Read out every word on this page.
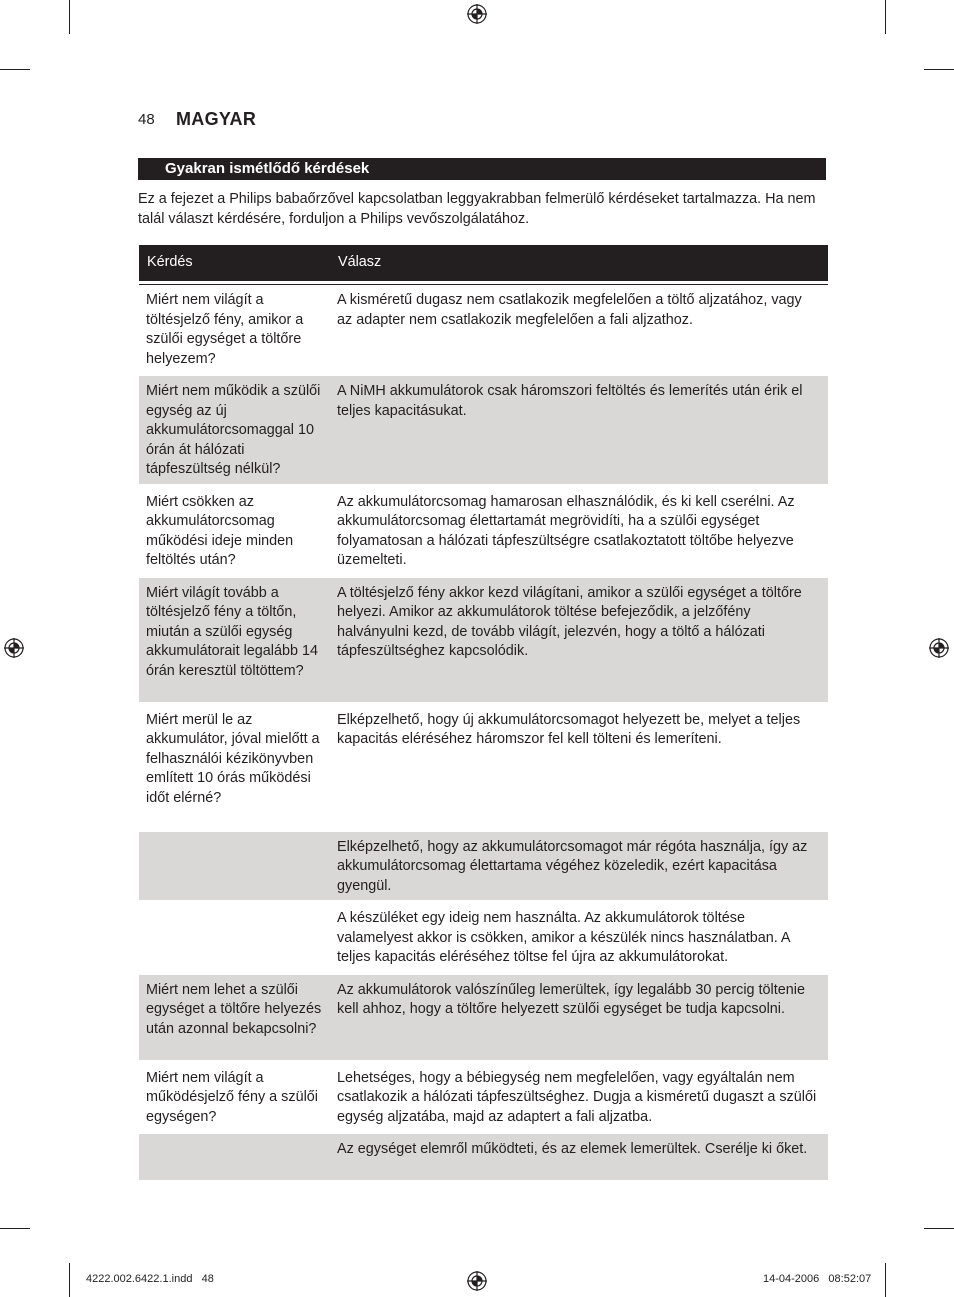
48 MAGYAR
Gyakran ismétlődő kérdések

Ez a fejezet a Philips babaőrzővel kapcsolatban leggyakrabban felmerülő kérdéseket tartalmazza. Ha nem talál választ kérdésére, forduljon a Philips vevőszolgálatához.

Kérdés	Válasz
Miért nem világít a töltésjelző fény, amikor a szülői egységet a töltőre helyezem?	A kisméretű dugasz nem csatlakozik megfelelően a töltő aljzatához, vagy az adapter nem csatlakozik megfelelően a fali aljzathoz.
Miért nem működik a szülői egység az új akkumulátorcsomaggal 10 órán át hálózati tápfeszültség nélkül?	A NiMH akkumulátorok csak háromszori feltöltés és lemerítés után érik el teljes kapacitásukat.
Miért csökken az akkumulátorcsomag működési ideje minden feltöltés után?	Az akkumulátorcsomag hamarosan elhasználódik, és ki kell cserélni. Az akkumulátorcsomag élettartamát megrövidíti, ha a szülői egységet folyamatosan a hálózati tápfeszültségre csatlakoztatott töltőbe helyezve üzemelteti.
Miért világít tovább a töltésjelző fény a töltőn, miután a szülői egység akkumulátorait legalább 14 órán keresztül töltöttem?	A töltésjelző fény akkor kezd világítani, amikor a szülői egységet a töltőre helyezi. Amikor az akkumulátorok töltése befejeződik, a jelzőfény halványulni kezd, de tovább világít, jelezvén, hogy a töltő a hálózati tápfeszültséghez kapcsolódik.
Miért merül le az akkumulátor, jóval mielőtt a felhasználói kézikönyvben említett 10 órás működési időt elérné?	Elképzelhető, hogy új akkumulátorcsomagot helyezett be, melyet a teljes kapacitás eléréséhez háromszor fel kell tölteni és lemeríteni.
	Elképzelhető, hogy az akkumulátorcsomagot már régóta használja, így az akkumulátorcsomag élettartama végéhez közeledik, ezért kapacitása gyengül.
	A készüléket egy ideig nem használta. Az akkumulátorok töltése valamelyest akkor is csökken, amikor a készülék nincs használatban. A teljes kapacitás eléréséhez töltse fel újra az akkumulátorokat.
Miért nem lehet a szülői egységet a töltőre helyezés után azonnal bekapcsolni?	Az akkumulátorok valószínűleg lemerültek, így legalább 30 percig töltenie kell ahhoz, hogy a töltőre helyezett szülői egységet be tudja kapcsolni.
Miért nem világít a működésjelző fény a szülői egységen?	Lehetséges, hogy a bébiegység nem megfelelően, vagy egyáltalán nem csatlakozik a hálózati tápfeszültséghez. Dugja a kisméretű dugaszt a szülői egység aljzatába, majd az adaptert a fali aljzatba.
	Az egységet elemről működteti, és az elemek lemerültek. Cserélje ki őket.
4222.002.6422.1.indd   48	14-04-2006   08:52:07
